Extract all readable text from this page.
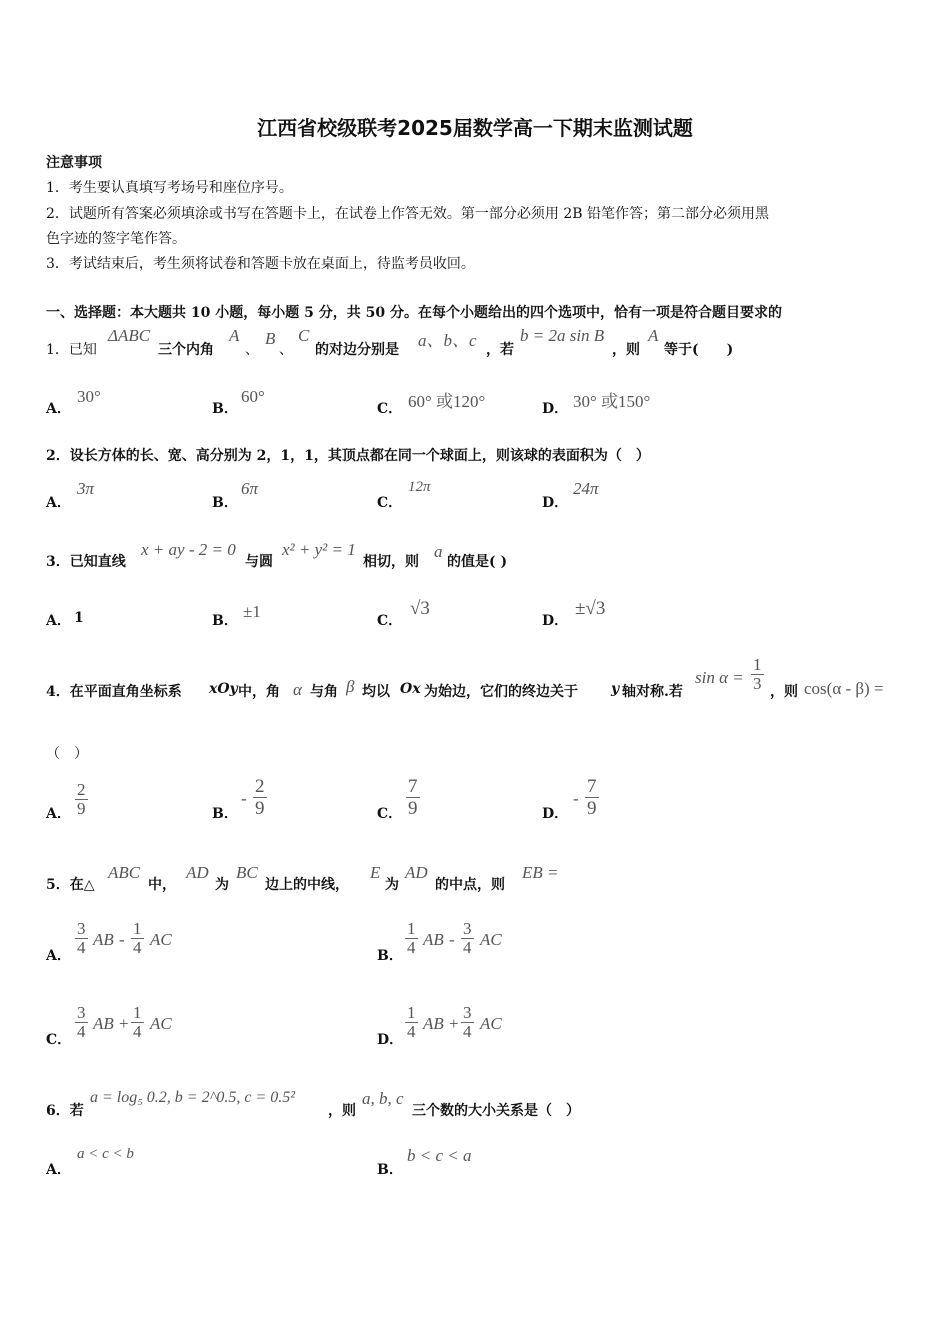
江西省校级联考2025届数学高一下期末监测试题
注意事项
1．考生要认真填写考场号和座位序号。
2．试题所有答案必须填涂或书写在答题卡上，在试卷上作答无效。第一部分必须用 2B 铅笔作答；第二部分必须用黑
色字迹的签字笔作答。
3．考试结束后，考生须将试卷和答题卡放在桌面上，待监考员收回。
一、选择题：本大题共 10 小题，每小题 5 分，共 50 分。在每个小题给出的四个选项中，恰有一项是符合题目要求的
1．已知
ΔABC
三个内角
A
、
B
、
C
的对边分别是 a、b、c ，若
b = 2a sin B
，则
A
等于(　　)
A．
30°
B．
60°
C． 60° 或120°	D． 30° 或150°
2．设长方体的长、宽、高分别为 2，1，1，其顶点都在同一个球面上，则该球的表面积为（　）
A．
3π
B．
6π
C．
12π
D．
24π
3．已知直线
x + ay - 2 = 0
与圆
x² + y² = 1
相切，则
a
的值是( )
A． 1	B． ±1	C．
√3
D．
±√3
4．在平面直角坐标系 xOy 中，角 α 与角 β 均以 Ox 为始边，它们的终边关于 y 轴对称.若
$\sin \alpha = \frac{1}{3}$ ，则 cos(α - β) =
（　）
A． $\frac{2}{9}$	B．
- $\frac{2}{9}$	C． $\frac{7}{9}$	D．
- $\frac{7}{9}$
5．在△
ABC
中，
AD
为
BC
边上的中线，
E
为
AD
的中点，则
EB =
A． $\frac{3}{4}$ AB - $\frac{1}{4}$ AC
B． $\frac{1}{4}$ AB - $\frac{3}{4}$ AC
C． $\frac{3}{4}$ AB + $\frac{1}{4}$ AC
D． $\frac{1}{4}$ AB + $\frac{3}{4}$ AC
6．若
a = log₅ 0.2, b = 2^0.5, c = 0.5²
，则
a, b, c
三个数的大小关系是（　）
A．
a < c < b
B．
b < c < a
